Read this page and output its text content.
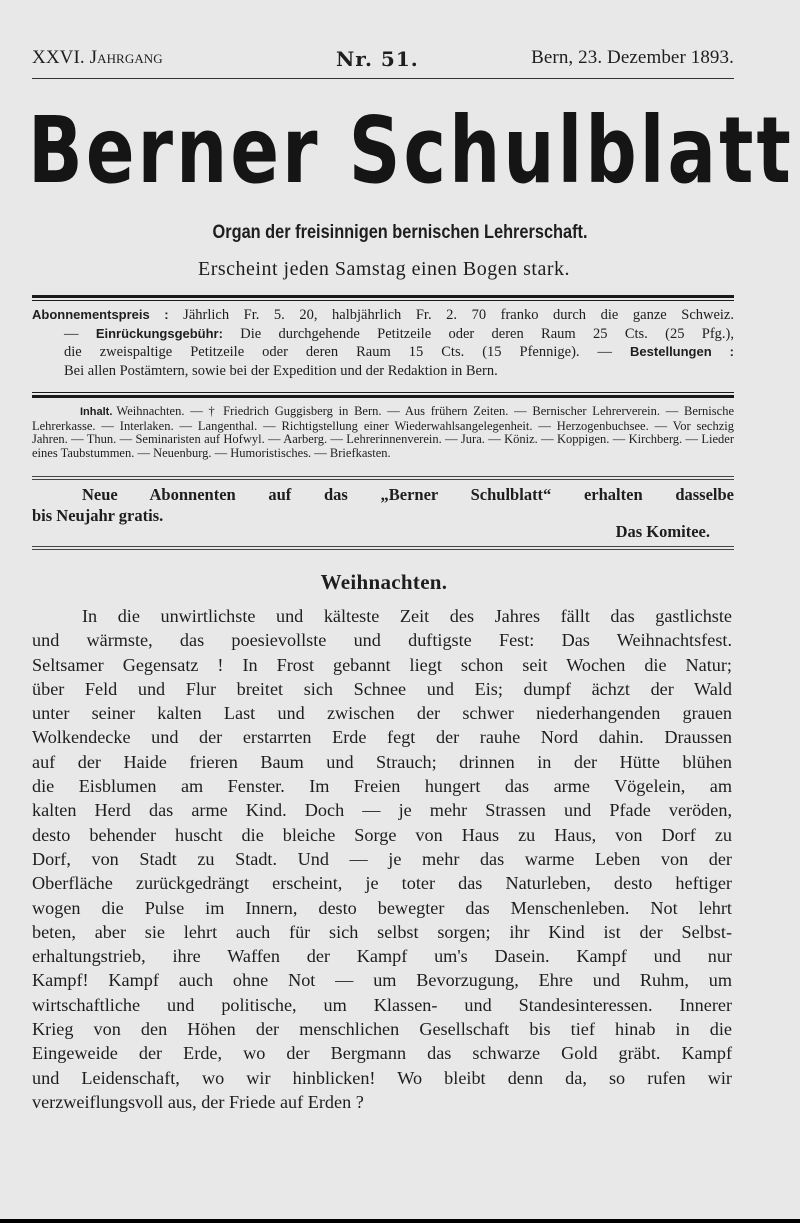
XXVI. Jahrgang	Nr. 51.	Bern, 23. Dezember 1893.
Berner Schulblatt
Organ der freisinnigen bernischen Lehrerschaft.
Erscheint jeden Samstag einen Bogen stark.

Abonnementspreis : Jährlich Fr. 5. 20, halbjährlich Fr. 2. 70 franko durch die ganze Schweiz.

— Einrückungsgebühr: Die durchgehende Petitzeile oder deren Raum 25 Cts. (25 Pfg.),

die zweispaltige Petitzeile oder deren Raum 15 Cts. (15 Pfennige). — Bestellungen :

Bei allen Postämtern, sowie bei der Expedition und der Redaktion in Bern.

Inhalt. Weihnachten. — † Friedrich Guggisberg in Bern. — Aus frühern Zeiten. — Bernischer Lehrerverein. — Bernische Lehrerkasse. — Interlaken. — Langenthal. — Richtigstellung einer Wiederwahlsangelegenheit. — Herzogenbuchsee. — Vor sechzig Jahren. — Thun. — Seminaristen auf Hofwyl. — Aarberg. — Lehrerinnenverein. — Jura. — Köniz. — Koppigen. — Kirchberg. — Lieder eines Taubstummen. — Neuenburg. — Humoristisches. — Briefkasten.
Neue Abonnenten auf das „Berner Schulblatt“ erhalten dasselbe
bis Neujahr gratis.
Das Komitee.
Weihnachten.
In die unwirtlichste und kälteste Zeit des Jahres fällt das gastlichste
und wärmste, das poesievollste und duftigste Fest: Das Weihnachtsfest.
Seltsamer Gegensatz ! In Frost gebannt liegt schon seit Wochen die Natur;
über Feld und Flur breitet sich Schnee und Eis; dumpf ächzt der Wald
unter seiner kalten Last und zwischen der schwer niederhangenden grauen
Wolkendecke und der erstarrten Erde fegt der rauhe Nord dahin. Draussen
auf der Haide frieren Baum und Strauch; drinnen in der Hütte blühen
die Eisblumen am Fenster. Im Freien hungert das arme Vögelein, am
kalten Herd das arme Kind. Doch — je mehr Strassen und Pfade veröden,
desto behender huscht die bleiche Sorge von Haus zu Haus, von Dorf zu
Dorf, von Stadt zu Stadt. Und — je mehr das warme Leben von der
Oberfläche zurückgedrängt erscheint, je toter das Naturleben, desto heftiger
wogen die Pulse im Innern, desto bewegter das Menschenleben. Not lehrt
beten, aber sie lehrt auch für sich selbst sorgen; ihr Kind ist der Selbst-
erhaltungstrieb, ihre Waffen der Kampf um's Dasein. Kampf und nur
Kampf! Kampf auch ohne Not — um Bevorzugung, Ehre und Ruhm, um
wirtschaftliche und politische, um Klassen- und Standesinteressen. Innerer
Krieg von den Höhen der menschlichen Gesellschaft bis tief hinab in die
Eingeweide der Erde, wo der Bergmann das schwarze Gold gräbt. Kampf
und Leidenschaft, wo wir hinblicken! Wo bleibt denn da, so rufen wir
verzweiflungsvoll aus, der Friede auf Erden ?
